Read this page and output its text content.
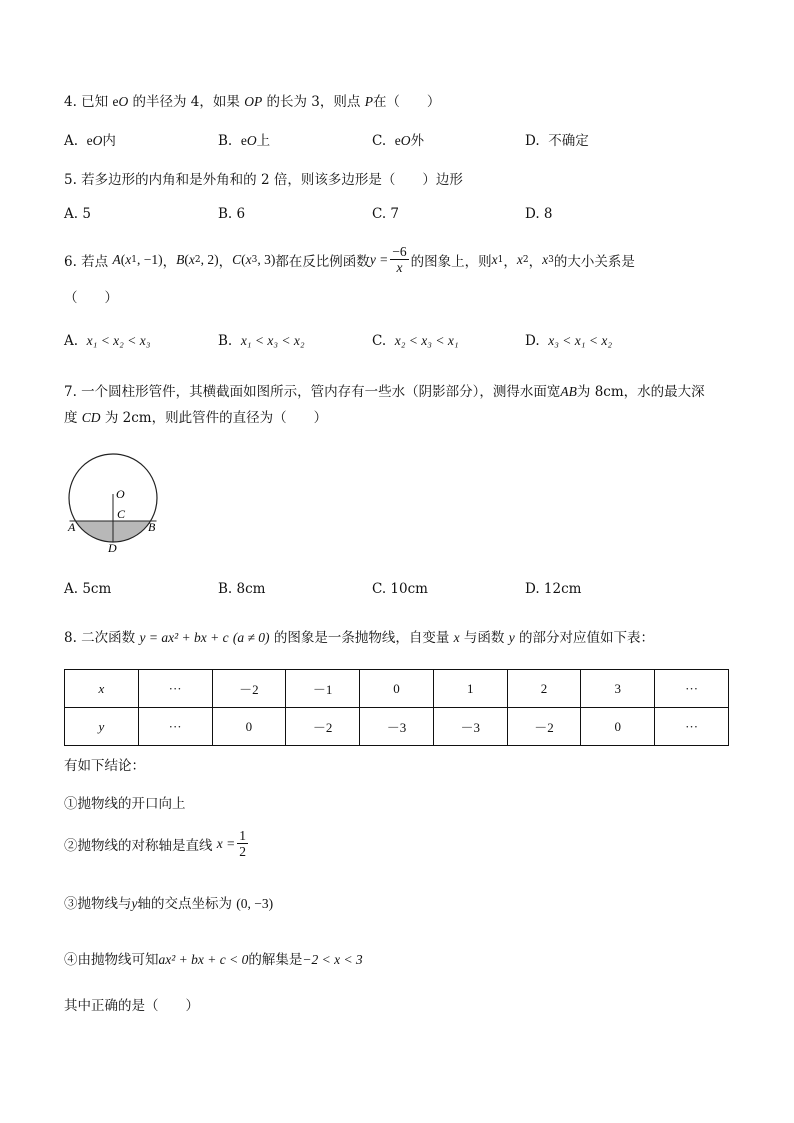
4. 已知 eO 的半径为 4，如果 OP 的长为 3，则点 P在（　　）
A. eO内	B. eO上	C. eO外	D. 不确定
5. 若多边形的内角和是外角和的 2 倍，则该多边形是（　　）边形
A. 5	B. 6	C. 7	D. 8
6. 若点
A ( x 1 , −1 ) ， B ( x 2 , 2 ) ， C ( x 3 , 3 ) 都在反比例函数 $y = \frac{-6}{x}$ 的图象上，则 x 1 ， x 2 ， x 3 的大小关系是
（　　）
A. x₁ < x₂ < x₃	B. x₁ < x₃ < x₂	C. x₂ < x₃ < x₁	D. x₃ < x₁ < x₂
7. 一个圆柱形管件，其横截面如图所示，管内存有一些水（阴影部分），测得水面宽AB为 8cm，水的最大深
度 CD 为 2cm，则此管件的直径为（　　）
O
C
A	B
D
A. 5cm	B. 8cm	C. 10cm	D. 12cm
8. 二次函数 y = ax² + bx + c (a ≠ 0) 的图象是一条抛物线，自变量 x 与函数 y 的部分对应值如下表：
x	···	－2	－1	0	1	2	3	···
y	···	0	－2	－3	－3	－2	0	···
有如下结论：
①抛物线的开口向上
②抛物线的对称轴是直线
$x = \frac{1}{2}$
③抛物线与y轴的交点坐标为 (0, −3)
④由抛物线可知ax² + bx + c < 0的解集是−2 < x < 3
其中正确的是（　　）
